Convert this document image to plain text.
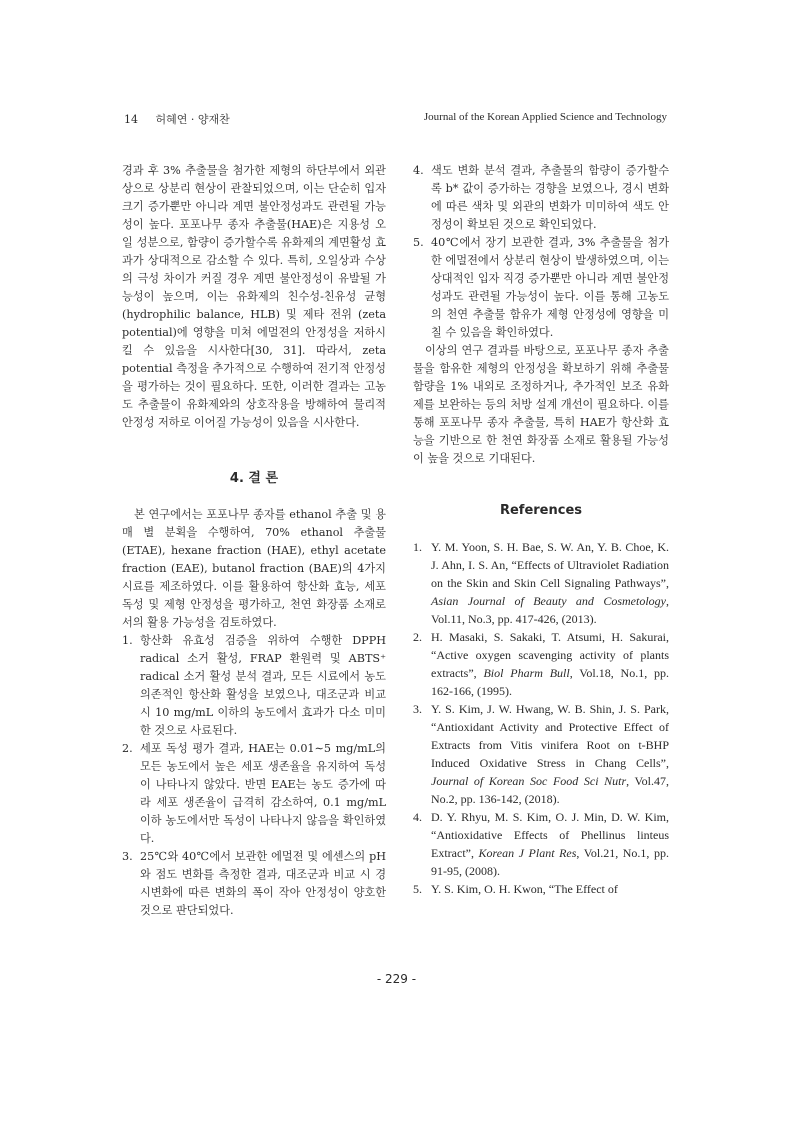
14 허혜연 · 양재찬	Journal of the Korean Applied Science and Technology

경과 후 3% 추출물을 첨가한 제형의 하단부에서 외관상으로 상분리 현상이 관찰되었으며, 이는 단순히 입자 크기 증가뿐만 아니라 계면 불안정성과도 관련될 가능성이 높다. 포포나무 종자 추출물(HAE)은 지용성 오일 성분으로, 함량이 증가할수록 유화제의 계면활성 효과가 상대적으로 감소할 수 있다. 특히, 오일상과 수상의 극성 차이가 커질 경우 계면 불안정성이 유발될 가능성이 높으며, 이는 유화제의 친수성-친유성 균형(hydrophilic balance, HLB) 및 제타 전위 (zeta potential)에 영향을 미쳐 에멀젼의 안정성을 저하시킬 수 있음을 시사한다[30, 31]. 따라서, zeta potential 측정을 추가적으로 수행하여 전기적 안정성을 평가하는 것이 필요하다. 또한, 이러한 결과는 고농도 추출물이 유화제와의 상호작용을 방해하여 물리적 안정성 저하로 이어질 가능성이 있음을 시사한다.

4. 결 론

본 연구에서는 포포나무 종자를 ethanol 추출 및 용매 별 분획을 수행하여, 70% ethanol 추출물 (ETAE), hexane fraction (HAE), ethyl acetate fraction (EAE), butanol fraction (BAE)의 4가지 시료를 제조하였다. 이를 활용하여 항산화 효능, 세포 독성 및 제형 안정성을 평가하고, 천연 화장품 소재로서의 활용 가능성을 검토하였다.

1. 항산화 유효성 검증을 위하여 수행한 DPPH radical 소거 활성, FRAP 환원력 및 ABTS⁺ radical 소거 활성 분석 결과, 모든 시료에서 농도 의존적인 항산화 활성을 보였으나, 대조군과 비교 시 10 mg/mL 이하의 농도에서 효과가 다소 미미한 것으로 사료된다.
2. 세포 독성 평가 결과, HAE는 0.01∼5 mg/mL의 모든 농도에서 높은 세포 생존율을 유지하여 독성이 나타나지 않았다. 반면 EAE는 농도 증가에 따라 세포 생존율이 급격히 감소하여, 0.1 mg/mL 이하 농도에서만 독성이 나타나지 않음을 확인하였다.
3. 25℃와 40℃에서 보관한 에멀젼 및 에센스의 pH와 점도 변화를 측정한 결과, 대조군과 비교 시 경시변화에 따른 변화의 폭이 작아 안정성이 양호한 것으로 판단되었다.
4. 색도 변화 분석 결과, 추출물의 함량이 증가할수록 b* 값이 증가하는 경향을 보였으나, 경시 변화에 따른 색차 및 외관의 변화가 미미하여 색도 안정성이 확보된 것으로 확인되었다.
5. 40℃에서 장기 보관한 결과, 3% 추출물을 첨가한 에멀젼에서 상분리 현상이 발생하였으며, 이는 상대적인 입자 직경 증가뿐만 아니라 계면 불안정성과도 관련될 가능성이 높다. 이를 통해 고농도의 천연 추출물 함유가 제형 안정성에 영향을 미칠 수 있음을 확인하였다.

이상의 연구 결과를 바탕으로, 포포나무 종자 추출물을 함유한 제형의 안정성을 확보하기 위해 추출물 함량을 1% 내외로 조정하거나, 추가적인 보조 유화제를 보완하는 등의 처방 설계 개선이 필요하다. 이를 통해 포포나무 종자 추출물, 특히 HAE가 항산화 효능을 기반으로 한 천연 화장품 소재로 활용될 가능성이 높을 것으로 기대된다.

References
1. Y. M. Yoon, S. H. Bae, S. W. An, Y. B. Choe, K. J. Ahn, I. S. An, “Effects of Ultraviolet Radiation on the Skin and Skin Cell Signaling Pathways”, Asian Journal of Beauty and Cosmetology, Vol.11, No.3, pp. 417-426, (2013).
2. H. Masaki, S. Sakaki, T. Atsumi, H. Sakurai, “Active oxygen scavenging activity of plants extracts”, Biol Pharm Bull, Vol.18, No.1, pp. 162-166, (1995).
3. Y. S. Kim, J. W. Hwang, W. B. Shin, J. S. Park, “Antioxidant Activity and Protective Effect of Extracts from Vitis vinifera Root on t-BHP Induced Oxidative Stress in Chang Cells”, Journal of Korean Soc Food Sci Nutr, Vol.47, No.2, pp. 136-142, (2018).
4. D. Y. Rhyu, M. S. Kim, O. J. Min, D. W. Kim, “Antioxidative Effects of Phellinus linteus Extract”, Korean J Plant Res, Vol.21, No.1, pp. 91-95, (2008).
5. Y. S. Kim, O. H. Kwon, “The Effect of
- 229 -
